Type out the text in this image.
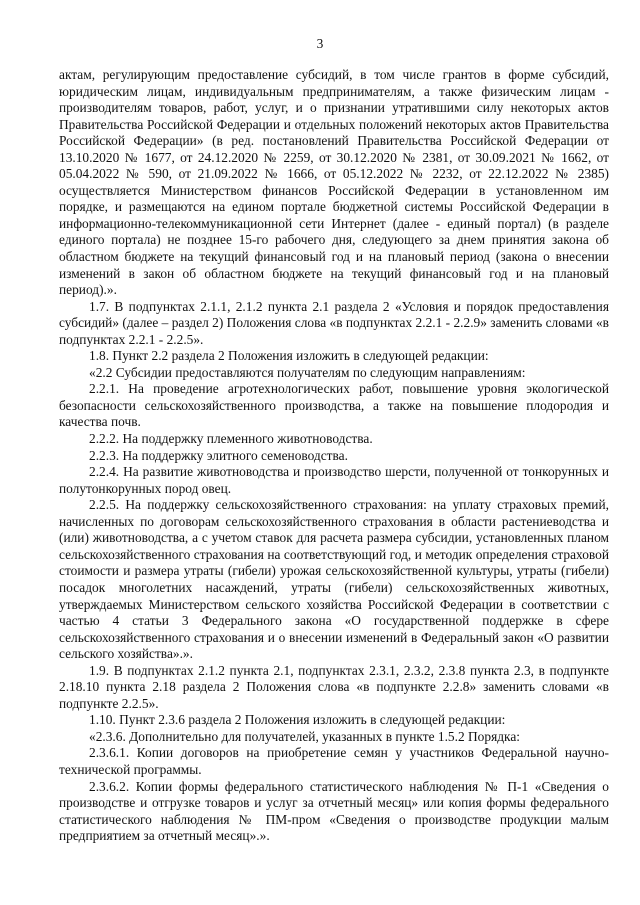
3

актам, регулирующим предоставление субсидий, в том числе грантов в форме субсидий, юридическим лицам, индивидуальным предпринимателям, а также физическим лицам - производителям товаров, работ, услуг, и о признании утратившими силу некоторых актов Правительства Российской Федерации и отдельных положений некоторых актов Правительства Российской Федерации» (в ред. постановлений Правительства Российской Федерации от 13.10.2020 № 1677, от 24.12.2020 № 2259, от 30.12.2020 № 2381, от 30.09.2021 № 1662, от 05.04.2022 № 590, от 21.09.2022 № 1666, от 05.12.2022 № 2232, от 22.12.2022 № 2385) осуществляется Министерством финансов Российской Федерации в установленном им порядке, и размещаются на едином портале бюджетной системы Российской Федерации в информационно-телекоммуникационной сети Интернет (далее - единый портал) (в разделе единого портала) не позднее 15-го рабочего дня, следующего за днем принятия закона об областном бюджете на текущий финансовый год и на плановый период (закона о внесении изменений в закон об областном бюджете на текущий финансовый год и на плановый период).».

1.7. В подпунктах 2.1.1, 2.1.2 пункта 2.1 раздела 2 «Условия и порядок предоставления субсидий» (далее – раздел 2) Положения слова «в подпунктах 2.2.1 - 2.2.9» заменить словами «в подпунктах 2.2.1 - 2.2.5».

1.8. Пункт 2.2 раздела 2 Положения изложить в следующей редакции:

«2.2 Субсидии предоставляются получателям по следующим направлениям:

2.2.1. На проведение агротехнологических работ, повышение уровня экологической безопасности сельскохозяйственного производства, а также на повышение плодородия и качества почв.

2.2.2. На поддержку племенного животноводства.

2.2.3. На поддержку элитного семеноводства.

2.2.4. На развитие животноводства и производство шерсти, полученной от тонкорунных и полутонкорунных пород овец.

2.2.5. На поддержку сельскохозяйственного страхования: на уплату страховых премий, начисленных по договорам сельскохозяйственного страхования в области растениеводства и (или) животноводства, а с учетом ставок для расчета размера субсидии, установленных планом сельскохозяйственного страхования на соответствующий год, и методик определения страховой стоимости и размера утраты (гибели) урожая сельскохозяйственной культуры, утраты (гибели) посадок многолетних насаждений, утраты (гибели) сельскохозяйственных животных, утверждаемых Министерством сельского хозяйства Российской Федерации в соответствии с частью 4 статьи 3 Федерального закона «О государственной поддержке в сфере сельскохозяйственного страхования и о внесении изменений в Федеральный закон «О развитии сельского хозяйства».».

1.9. В подпунктах 2.1.2 пункта 2.1, подпунктах 2.3.1, 2.3.2, 2.3.8 пункта 2.3, в подпункте 2.18.10 пункта 2.18 раздела 2 Положения слова «в подпункте 2.2.8» заменить словами «в подпункте 2.2.5».

1.10. Пункт 2.3.6 раздела 2 Положения изложить в следующей редакции:

«2.3.6. Дополнительно для получателей, указанных в пункте 1.5.2 Порядка:

2.3.6.1. Копии договоров на приобретение семян у участников Федеральной научно-технической программы.

2.3.6.2. Копии формы федерального статистического наблюдения № П-1 «Сведения о производстве и отгрузке товаров и услуг за отчетный месяц» или копия формы федерального статистического наблюдения № ПМ-пром «Сведения о производстве продукции малым предприятием за отчетный месяц».».
